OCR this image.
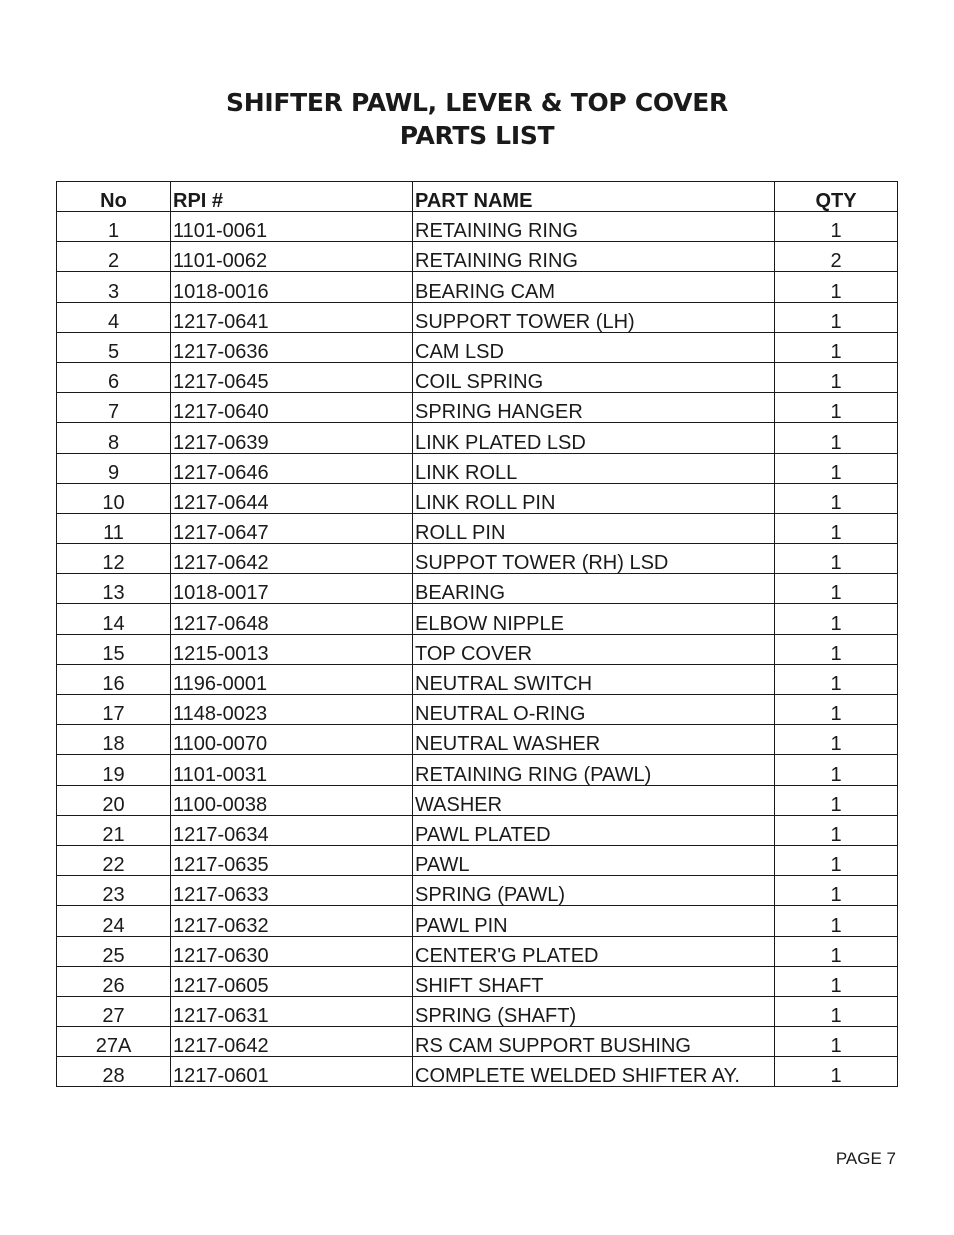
SHIFTER PAWL, LEVER & TOP COVER
PARTS LIST
No	RPI #	PART NAME	QTY
1	1101-0061	RETAINING RING	1
2	1101-0062	RETAINING RING	2
3	1018-0016	BEARING CAM	1
4	1217-0641	SUPPORT TOWER (LH)	1
5	1217-0636	CAM LSD	1
6	1217-0645	COIL SPRING	1
7	1217-0640	SPRING HANGER	1
8	1217-0639	LINK PLATED LSD	1
9	1217-0646	LINK ROLL	1
10	1217-0644	LINK ROLL PIN	1
11	1217-0647	ROLL PIN	1
12	1217-0642	SUPPOT TOWER (RH) LSD	1
13	1018-0017	BEARING	1
14	1217-0648	ELBOW NIPPLE	1
15	1215-0013	TOP COVER	1
16	1196-0001	NEUTRAL SWITCH	1
17	1148-0023	NEUTRAL O-RING	1
18	1100-0070	NEUTRAL WASHER	1
19	1101-0031	RETAINING RING (PAWL)	1
20	1100-0038	WASHER	1
21	1217-0634	PAWL PLATED	1
22	1217-0635	PAWL	1
23	1217-0633	SPRING (PAWL)	1
24	1217-0632	PAWL PIN	1
25	1217-0630	CENTER'G PLATED	1
26	1217-0605	SHIFT SHAFT	1
27	1217-0631	SPRING (SHAFT)	1
27A	1217-0642	RS CAM SUPPORT BUSHING	1
28	1217-0601	COMPLETE WELDED SHIFTER AY.	1
PAGE 7
